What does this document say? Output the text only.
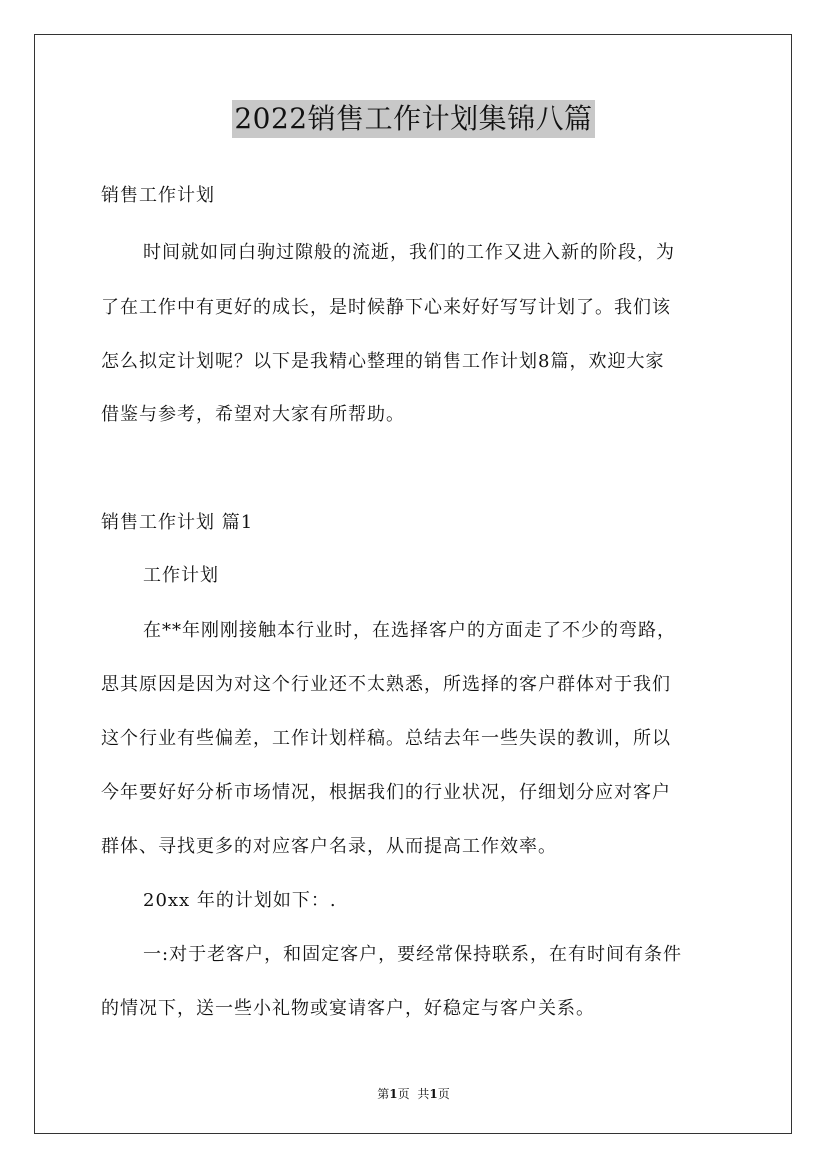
2022销售工作计划集锦八篇
销售工作计划
时间就如同白驹过隙般的流逝，我们的工作又进入新的阶段，为
了在工作中有更好的成长，是时候静下心来好好写写计划了。我们该
怎么拟定计划呢？以下是我精心整理的销售工作计划8篇，欢迎大家
借鉴与参考，希望对大家有所帮助。
销售工作计划 篇1
工作计划
在**年刚刚接触本行业时，在选择客户的方面走了不少的弯路，
思其原因是因为对这个行业还不太熟悉，所选择的客户群体对于我们
这个行业有些偏差，工作计划样稿。总结去年一些失误的教训，所以
今年要好好分析市场情况，根据我们的行业状况，仔细划分应对客户
群体、寻找更多的对应客户名录，从而提高工作效率。
20xx 年的计划如下：.
一:对于老客户，和固定客户，要经常保持联系，在有时间有条件
的情况下，送一些小礼物或宴请客户，好稳定与客户关系。
第1页 共1页
